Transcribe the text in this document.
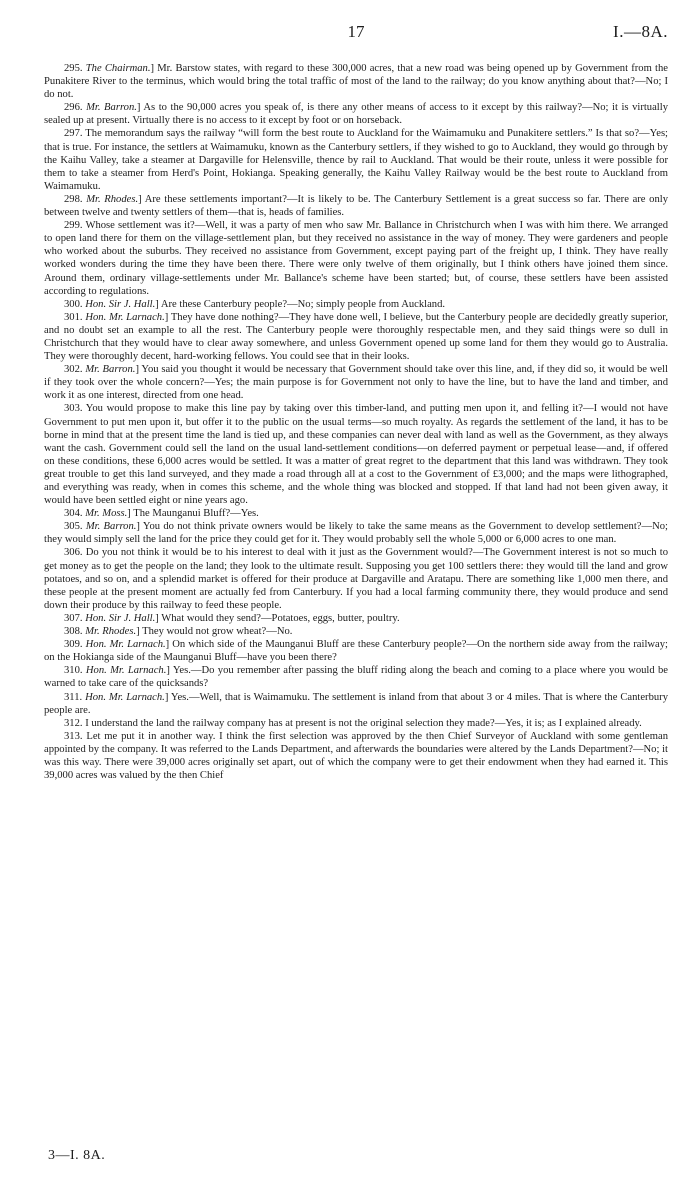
17	I.—8A.

295. The Chairman.] Mr. Barstow states, with regard to these 300,000 acres, that a new road was being opened up by Government from the Punakitere River to the terminus, which would bring the total traffic of most of the land to the railway; do you know anything about that?—No; I do not.

296. Mr. Barron.] As to the 90,000 acres you speak of, is there any other means of access to it except by this railway?—No; it is virtually sealed up at present. Virtually there is no access to it except by foot or on horseback.

297. The memorandum says the railway “will form the best route to Auckland for the Waimamuku and Punakitere settlers.” Is that so?—Yes; that is true. For instance, the settlers at Waimamuku, known as the Canterbury settlers, if they wished to go to Auckland, they would go through by the Kaihu Valley, take a steamer at Dargaville for Helensville, thence by rail to Auckland. That would be their route, unless it were possible for them to take a steamer from Herd's Point, Hokianga. Speaking generally, the Kaihu Valley Railway would be the best route to Auckland from Waimamuku.

298. Mr. Rhodes.] Are these settlements important?—It is likely to be. The Canterbury Settlement is a great success so far. There are only between twelve and twenty settlers of them—that is, heads of families.

299. Whose settlement was it?—Well, it was a party of men who saw Mr. Ballance in Christchurch when I was with him there. We arranged to open land there for them on the village-settlement plan, but they received no assistance in the way of money. They were gardeners and people who worked about the suburbs. They received no assistance from Government, except paying part of the freight up, I think. They have really worked wonders during the time they have been there. There were only twelve of them originally, but I think others have joined them since. Around them, ordinary village-settlements under Mr. Ballance's scheme have been started; but, of course, these settlers have been assisted according to regulations.

300. Hon. Sir J. Hall.] Are these Canterbury people?—No; simply people from Auckland.

301. Hon. Mr. Larnach.] They have done nothing?—They have done well, I believe, but the Canterbury people are decidedly greatly superior, and no doubt set an example to all the rest. The Canterbury people were thoroughly respectable men, and they said things were so dull in Christchurch that they would have to clear away somewhere, and unless Government opened up some land for them they would go to Australia. They were thoroughly decent, hard-working fellows. You could see that in their looks.

302. Mr. Barron.] You said you thought it would be necessary that Government should take over this line, and, if they did so, it would be well if they took over the whole concern?—Yes; the main purpose is for Government not only to have the line, but to have the land and timber, and work it as one interest, directed from one head.

303. You would propose to make this line pay by taking over this timber-land, and putting men upon it, and felling it?—I would not have Government to put men upon it, but offer it to the public on the usual terms—so much royalty. As regards the settlement of the land, it has to be borne in mind that at the present time the land is tied up, and these companies can never deal with land as well as the Government, as they always want the cash. Government could sell the land on the usual land-settlement conditions—on deferred payment or perpetual lease—and, if offered on these conditions, these 6,000 acres would be settled. It was a matter of great regret to the department that this land was withdrawn. They took great trouble to get this land surveyed, and they made a road through all at a cost to the Government of £3,000; and the maps were lithographed, and everything was ready, when in comes this scheme, and the whole thing was blocked and stopped. If that land had not been given away, it would have been settled eight or nine years ago.

304. Mr. Moss.] The Maunganui Bluff?—Yes.

305. Mr. Barron.] You do not think private owners would be likely to take the same means as the Government to develop settlement?—No; they would simply sell the land for the price they could get for it. They would probably sell the whole 5,000 or 6,000 acres to one man.

306. Do you not think it would be to his interest to deal with it just as the Government would?—The Government interest is not so much to get money as to get the people on the land; they look to the ultimate result. Supposing you get 100 settlers there: they would till the land and grow potatoes, and so on, and a splendid market is offered for their produce at Dargaville and Aratapu. There are something like 1,000 men there, and these people at the present moment are actually fed from Canterbury. If you had a local farming community there, they would produce and send down their produce by this railway to feed these people.

307. Hon. Sir J. Hall.] What would they send?—Potatoes, eggs, butter, poultry.

308. Mr. Rhodes.] They would not grow wheat?—No.

309. Hon. Mr. Larnach.] On which side of the Maunganui Bluff are these Canterbury people?—On the northern side away from the railway; on the Hokianga side of the Maunganui Bluff—have you been there?

310. Hon. Mr. Larnach.] Yes.—Do you remember after passing the bluff riding along the beach and coming to a place where you would be warned to take care of the quicksands?

311. Hon. Mr. Larnach.] Yes.—Well, that is Waimamuku. The settlement is inland from that about 3 or 4 miles. That is where the Canterbury people are.

312. I understand the land the railway company has at present is not the original selection they made?—Yes, it is; as I explained already.

313. Let me put it in another way. I think the first selection was approved by the then Chief Surveyor of Auckland with some gentleman appointed by the company. It was referred to the Lands Department, and afterwards the boundaries were altered by the Lands Department?—No; it was this way. There were 39,000 acres originally set apart, out of which the company were to get their endowment when they had earned it. This 39,000 acres was valued by the then Chief

3—I. 8A.
